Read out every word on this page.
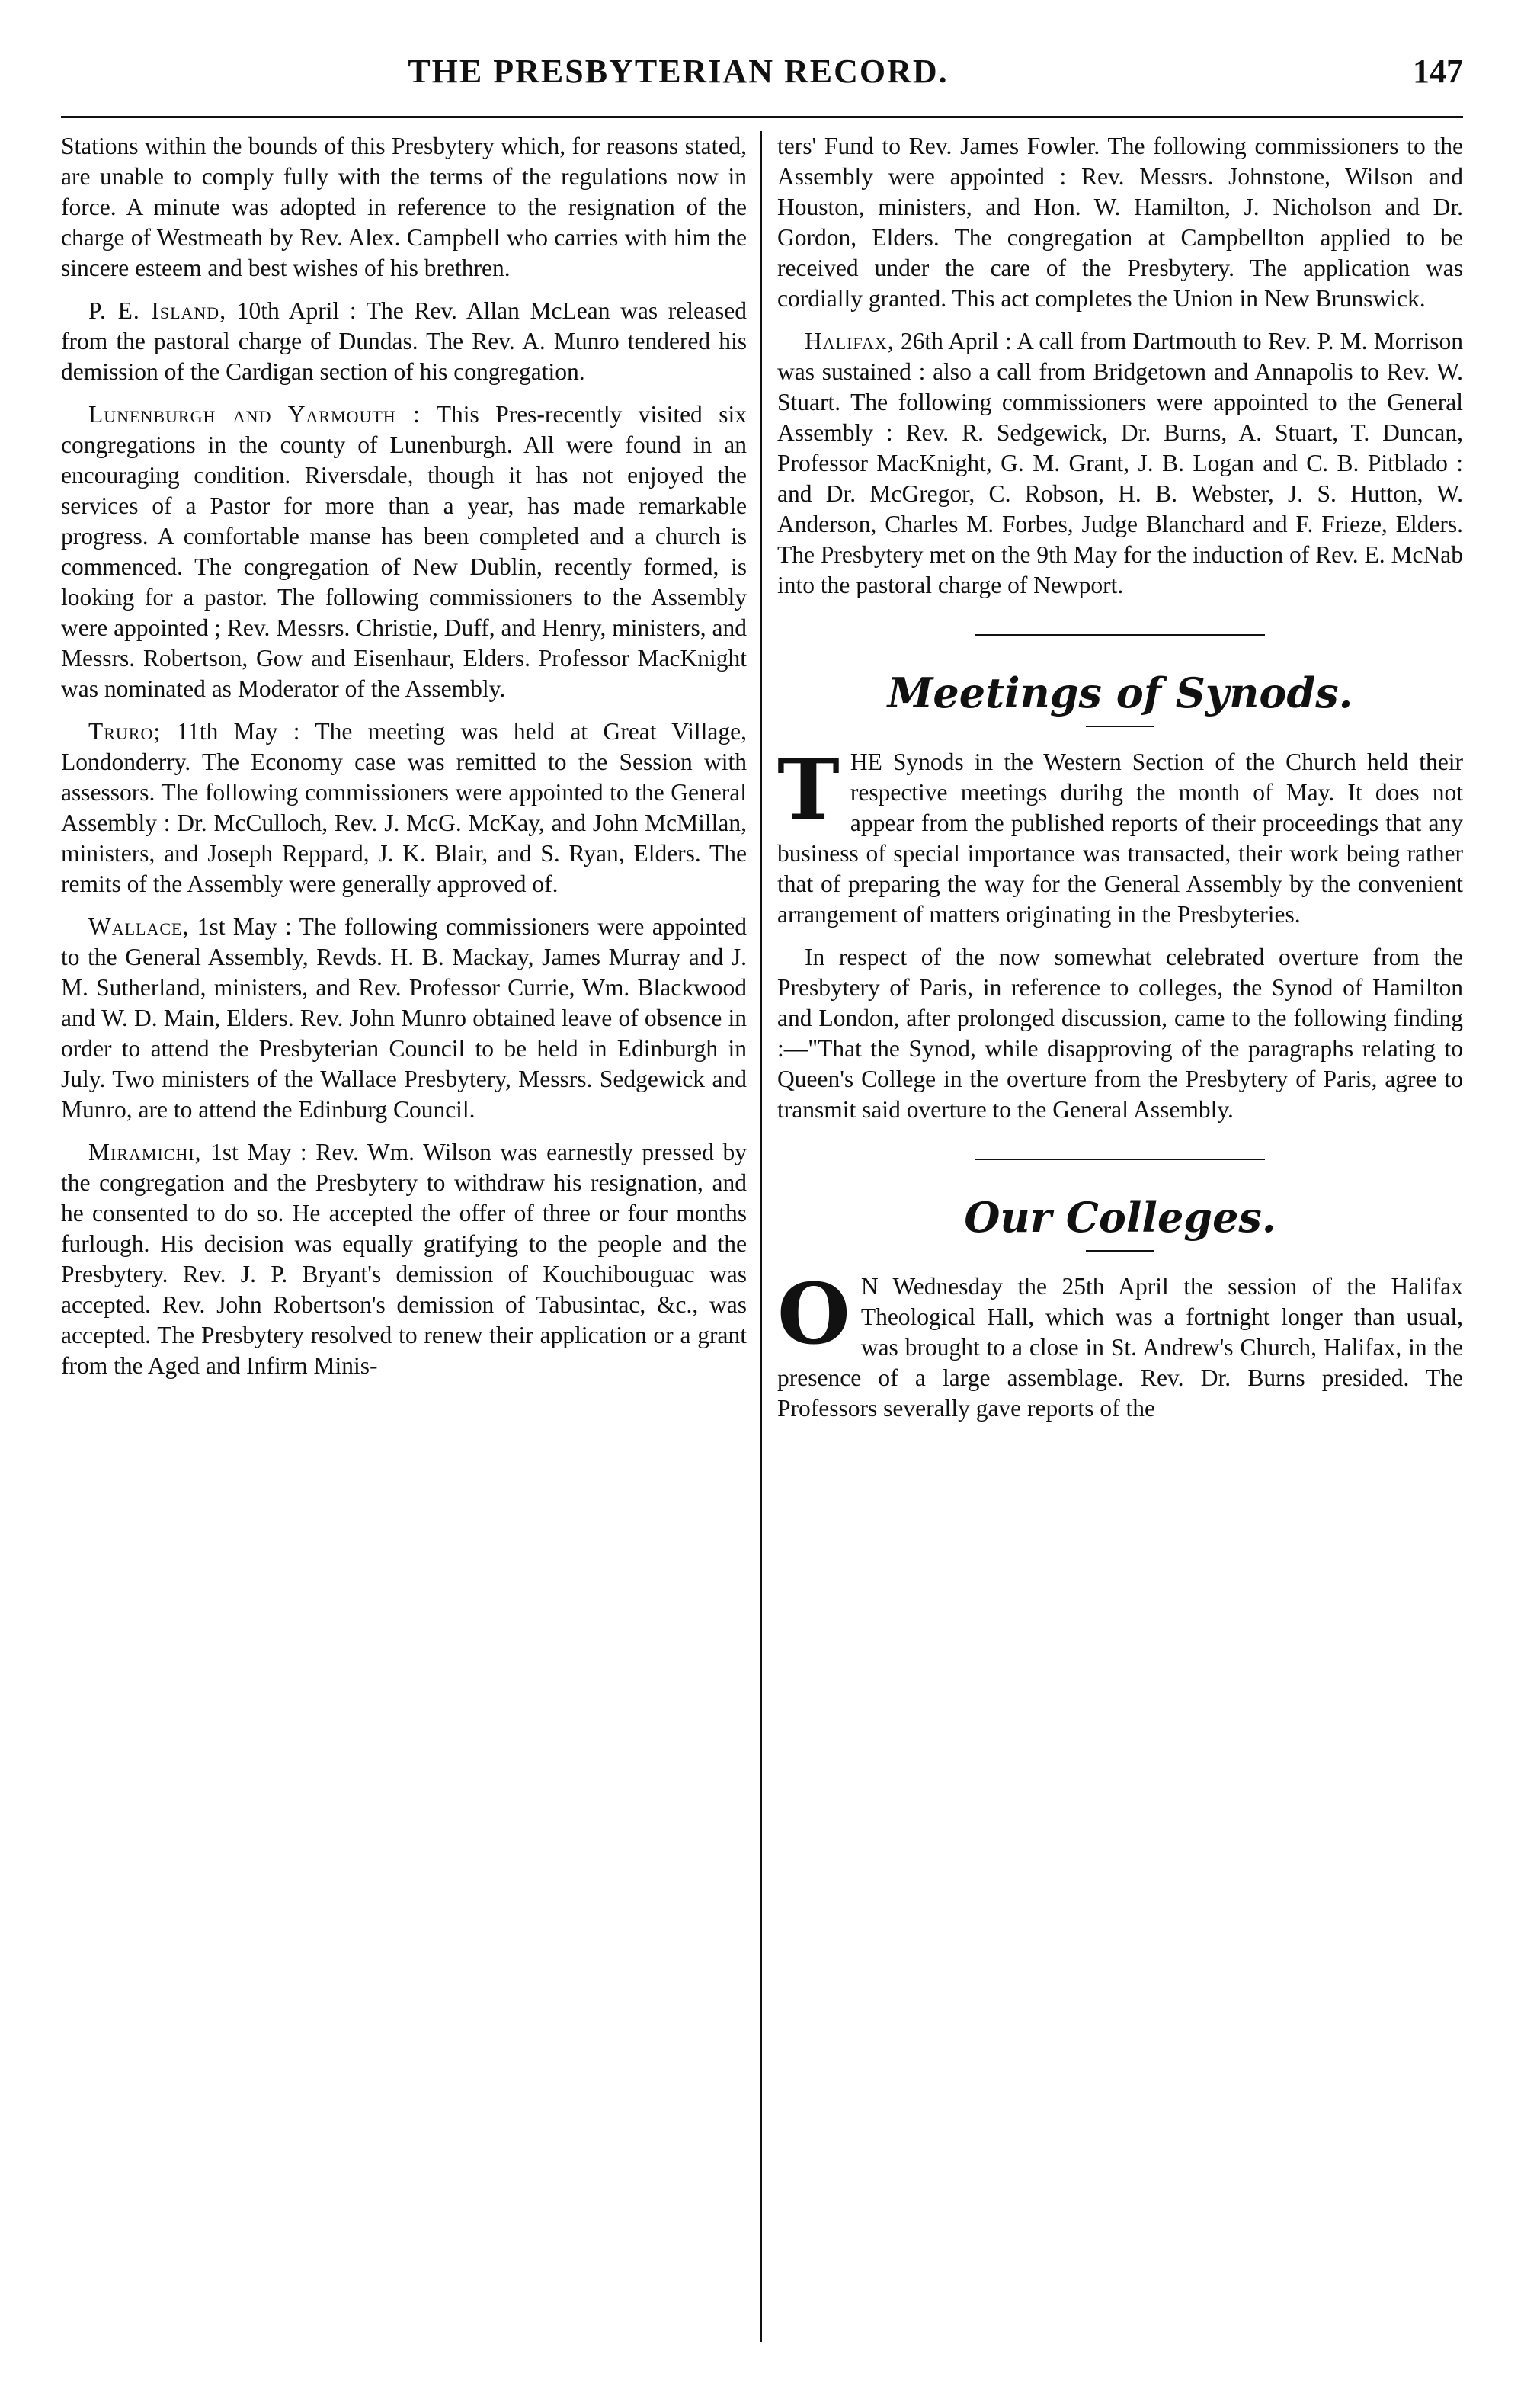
THE PRESBYTERIAN RECORD.	147

Stations within the bounds of this Presbytery which, for reasons stated, are unable to comply fully with the terms of the regulations now in force. A minute was adopted in reference to the resignation of the charge of Westmeath by Rev. Alex. Campbell who carries with him the sincere esteem and best wishes of his brethren.

P. E. Island, 10th April : The Rev. Allan McLean was released from the pastoral charge of Dundas. The Rev. A. Munro tendered his demission of the Cardigan section of his congregation.

Lunenburgh and Yarmouth : This Pres-recently visited six congregations in the county of Lunenburgh. All were found in an encouraging condition. Riversdale, though it has not enjoyed the services of a Pastor for more than a year, has made remarkable progress. A comfortable manse has been completed and a church is commenced. The congregation of New Dublin, recently formed, is looking for a pastor. The following commissioners to the Assembly were appointed ; Rev. Messrs. Christie, Duff, and Henry, ministers, and Messrs. Robertson, Gow and Eisenhaur, Elders. Professor MacKnight was nominated as Moderator of the Assembly.

Truro; 11th May : The meeting was held at Great Village, Londonderry. The Economy case was remitted to the Session with assessors. The following commissioners were appointed to the General Assembly : Dr. McCulloch, Rev. J. McG. McKay, and John McMillan, ministers, and Joseph Reppard, J. K. Blair, and S. Ryan, Elders. The remits of the Assembly were generally approved of.

Wallace, 1st May : The following commissioners were appointed to the General Assembly, Revds. H. B. Mackay, James Murray and J. M. Sutherland, ministers, and Rev. Professor Currie, Wm. Blackwood and W. D. Main, Elders. Rev. John Munro obtained leave of obsence in order to attend the Presbyterian Council to be held in Edinburgh in July. Two ministers of the Wallace Presbytery, Messrs. Sedgewick and Munro, are to attend the Edinburg Council.

Miramichi, 1st May : Rev. Wm. Wilson was earnestly pressed by the congregation and the Presbytery to withdraw his resignation, and he consented to do so. He accepted the offer of three or four months furlough. His decision was equally gratifying to the people and the Presbytery. Rev. J. P. Bryant's demission of Kouchibouguac was accepted. Rev. John Robertson's demission of Tabusintac, &c., was accepted. The Presbytery resolved to renew their application or a grant from the Aged and Infirm Minis-

ters' Fund to Rev. James Fowler. The following commissioners to the Assembly were appointed : Rev. Messrs. Johnstone, Wilson and Houston, ministers, and Hon. W. Hamilton, J. Nicholson and Dr. Gordon, Elders. The congregation at Campbellton applied to be received under the care of the Presbytery. The application was cordially granted. This act completes the Union in New Brunswick.

Halifax, 26th April : A call from Dartmouth to Rev. P. M. Morrison was sustained : also a call from Bridgetown and Annapolis to Rev. W. Stuart. The following commissioners were appointed to the General Assembly : Rev. R. Sedgewick, Dr. Burns, A. Stuart, T. Duncan, Professor MacKnight, G. M. Grant, J. B. Logan and C. B. Pitblado : and Dr. McGregor, C. Robson, H. B. Webster, J. S. Hutton, W. Anderson, Charles M. Forbes, Judge Blanchard and F. Frieze, Elders. The Presbytery met on the 9th May for the induction of Rev. E. McNab into the pastoral charge of Newport.

Meetings of Synods.

THE Synods in the Western Section of the Church held their respective meetings durihg the month of May. It does not appear from the published reports of their proceedings that any business of special importance was transacted, their work being rather that of preparing the way for the General Assembly by the convenient arrangement of matters originating in the Presbyteries.

In respect of the now somewhat celebrated overture from the Presbytery of Paris, in reference to colleges, the Synod of Hamilton and London, after prolonged discussion, came to the following finding :—"That the Synod, while disapproving of the paragraphs relating to Queen's College in the overture from the Presbytery of Paris, agree to transmit said overture to the General Assembly.

Our Colleges.

O N Wednesday the 25th April the session of the Halifax Theological Hall, which was a fortnight longer than usual, was brought to a close in St. Andrew's Church, Halifax, in the presence of a large assemblage. Rev. Dr. Burns presided. The Professors severally gave reports of the
